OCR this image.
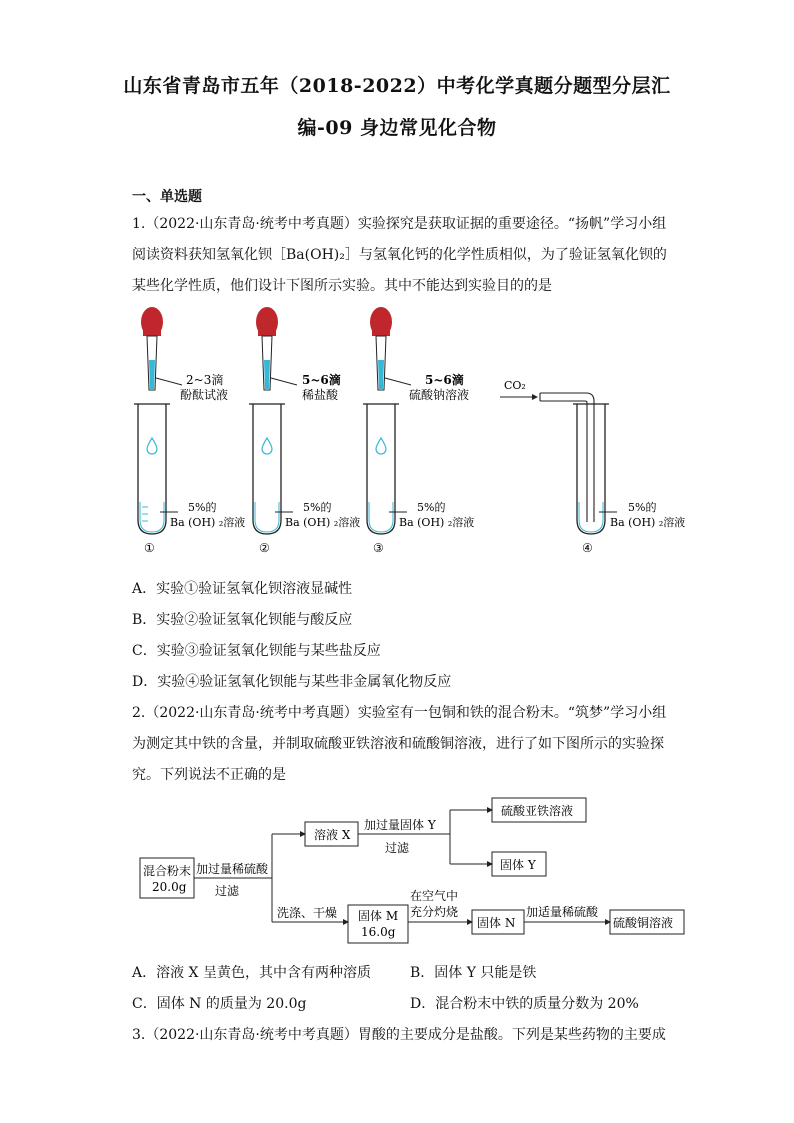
山东省青岛市五年（2018-2022）中考化学真题分题型分层汇
编-09 身边常见化合物
一、单选题
1.（2022·山东青岛·统考中考真题）实验探究是获取证据的重要途径。“扬帆”学习小组
阅读资料获知氢氧化钡［Ba(OH)₂］与氢氧化钙的化学性质相似，为了验证氢氧化钡的
某些化学性质，他们设计下图所示实验。其中不能达到实验目的的是
2~3滴
酚酞试液
5%的
Ba (OH) ₂溶液
①
5~6滴
稀盐酸
5%的
Ba (OH) ₂溶液
②
5~6滴
硫酸钠溶液
5%的
Ba (OH) ₂溶液
③
CO₂
5%的
Ba (OH) ₂溶液
④
A．实验①验证氢氧化钡溶液显碱性
B．实验②验证氢氧化钡能与酸反应
C．实验③验证氢氧化钡能与某些盐反应
D．实验④验证氢氧化钡能与某些非金属氧化物反应
2.（2022·山东青岛·统考中考真题）实验室有一包铜和铁的混合粉末。“筑梦”学习小组
为测定其中铁的含量，并制取硫酸亚铁溶液和硫酸铜溶液，进行了如下图所示的实验探
究。下列说法不正确的是
混合粉末
20.0g
加过量稀硫酸
过滤
溶液 X
加过量固体 Y
过滤
硫酸亚铁溶液
固体 Y
洗涤、干燥 固体 M
16.0g
在空气中
充分灼烧
固体 N
加适量稀硫酸
硫酸铜溶液
A．溶液 X 呈黄色，其中含有两种溶质	B．固体 Y 只能是铁
C．固体 N 的质量为 20.0g	D．混合粉末中铁的质量分数为 20%
3.（2022·山东青岛·统考中考真题）胃酸的主要成分是盐酸。下列是某些药物的主要成
